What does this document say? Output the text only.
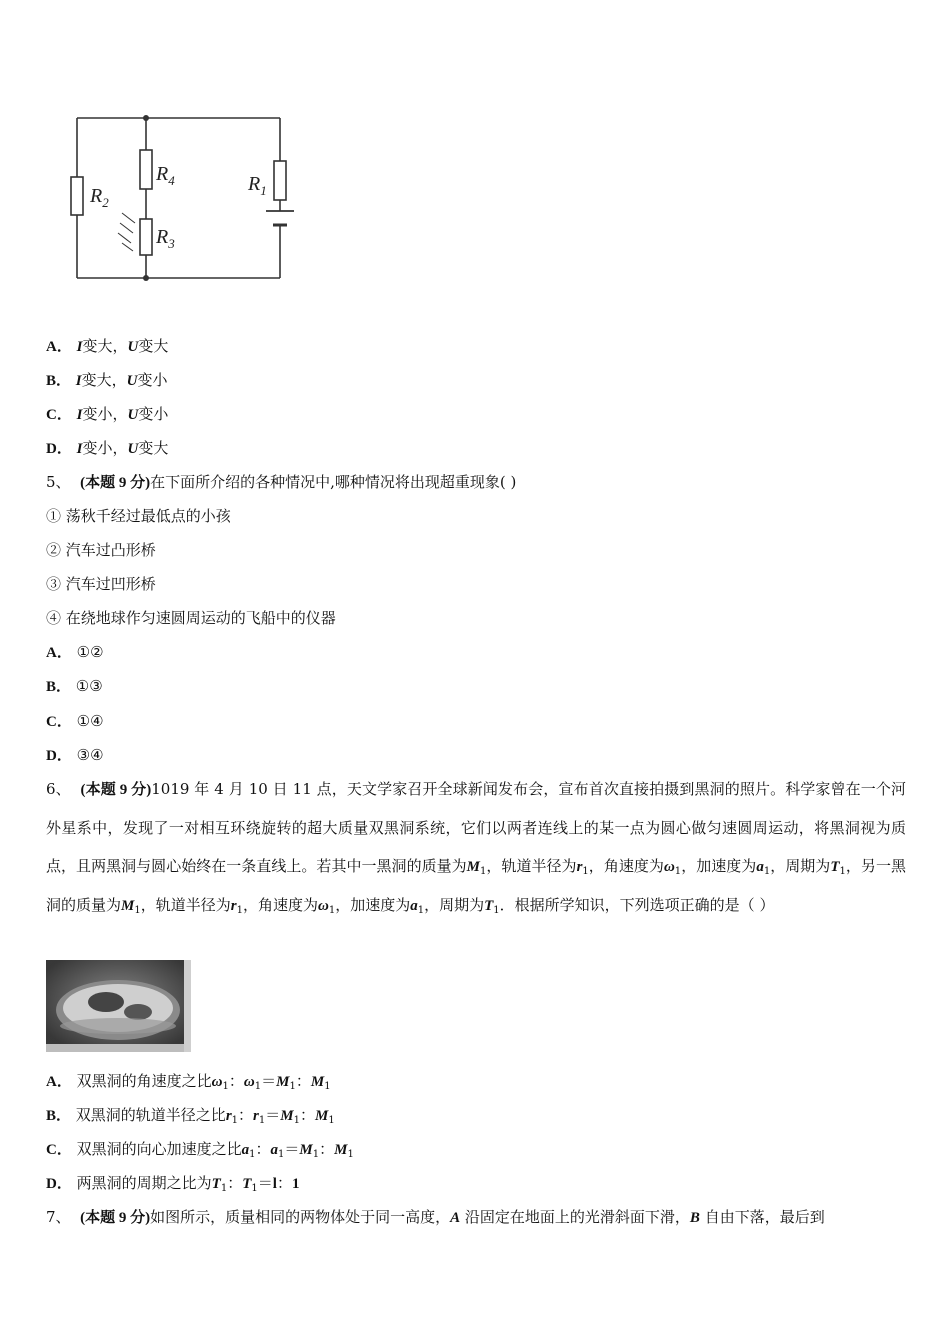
$R_2$
$R_4$
$R_3$
$R_1$
A． I变大，U变大
B． I变大，U变小
C． I变小，U变小
D． I变小，U变大
5、 (本题 9 分)在下面所介绍的各种情况中,哪种情况将出现超重现象( )
① 荡秋千经过最低点的小孩
② 汽车过凸形桥
③ 汽车过凹形桥
④ 在绕地球作匀速圆周运动的飞船中的仪器
A． ①②
B． ①③
C． ①④
D． ③④
6、 (本题 9 分)1019 年 4 月 10 日 11 点，天文学家召开全球新闻发布会，宣布首次直接拍摄到黑洞的照片。科学家曾在一个河外星系中，发现了一对相互环绕旋转的超大质量双黑洞系统，它们以两者连线上的某一点为圆心做匀速圆周运动，将黑洞视为质点，且两黑洞与圆心始终在一条直线上。若其中一黑洞的质量为$M_1$，轨道半径为$r_1$，角速度为$\omega_1$，加速度为$a_1$，周期为$T_1$，另一黑洞的质量为$M_1$，轨道半径为$r_1$，角速度为$\omega_1$，加速度为$a_1$，周期为$T_1$．根据所学知识，下列选项正确的是（ ）
A． 双黑洞的角速度之比$\omega_1$：$\omega_1=M_1$：$M_1$
B． 双黑洞的轨道半径之比$r_1$：$r_1=M_1$：$M_1$
C． 双黑洞的向心加速度之比$a_1$：$a_1=M_1$：$M_1$
D． 两黑洞的周期之比为$T_1$：$T_1=l$：1
7、 (本题 9 分)如图所示，质量相同的两物体处于同一高度，A 沿固定在地面上的光滑斜面下滑，B 自由下落，最后到
